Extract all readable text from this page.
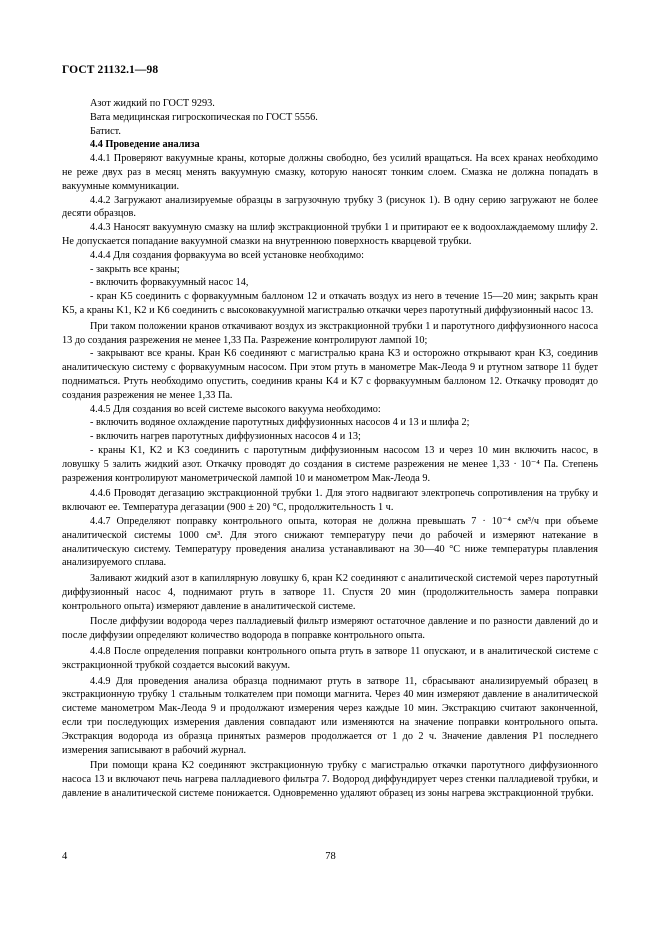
ГОСТ 21132.1—98

Азот жидкий по ГОСТ 9293.

Вата медицинская гигроскопическая по ГОСТ 5556.

Батист.

4.4 Проведение анализа

4.4.1 Проверяют вакуумные краны, которые должны свободно, без усилий вращаться. На всех кранах необходимо не реже двух раз в месяц менять вакуумную смазку, которую наносят тонким слоем. Смазка не должна попадать в вакуумные коммуникации.

4.4.2 Загружают анализируемые образцы в загрузочную трубку 3 (рисунок 1). В одну серию загружают не более десяти образцов.

4.4.3 Наносят вакуумную смазку на шлиф экстракционной трубки 1 и притирают ее к водоохлаждаемому шлифу 2. Не допускается попадание вакуумной смазки на внутреннюю поверхность кварцевой трубки.

4.4.4 Для создания форвакуума во всей установке необходимо:

- закрыть все краны;

- включить форвакуумный насос 14,

- кран K5 соединить с форвакуумным баллоном 12 и откачать воздух из него в течение 15—20 мин; закрыть кран K5, а краны K1, K2 и K6 соединить с высоковакуумной магистралью откачки через паротутный диффузионный насос 13.

При таком положении кранов откачивают воздух из экстракционной трубки 1 и паротутного диффузионного насоса 13 до создания разрежения не менее 1,33 Па. Разрежение контролируют лампой 10;

- закрывают все краны. Кран K6 соединяют с магистралью крана K3 и осторожно открывают кран K3, соединив аналитическую систему с форвакуумным насосом. При этом ртуть в манометре Мак-Леода 9 и ртутном затворе 11 будет подниматься. Ртуть необходимо опустить, соединив краны K4 и K7 с форвакуумным баллоном 12. Откачку проводят до создания разрежения не менее 1,33 Па.

4.4.5 Для создания во всей системе высокого вакуума необходимо:

- включить водяное охлаждение паротутных диффузионных насосов 4 и 13 и шлифа 2;

- включить нагрев паротутных диффузионных насосов 4 и 13;

- краны K1, K2 и K3 соединить с паротутным диффузионным насосом 13 и через 10 мин включить насос, в ловушку 5 залить жидкий азот. Откачку проводят до создания в системе разрежения не менее 1,33 · 10⁻⁴ Па. Степень разрежения контролируют манометрической лампой 10 и манометром Мак-Леода 9.

4.4.6 Проводят дегазацию экстракционной трубки 1. Для этого надвигают электропечь сопротивления на трубку и включают ее. Температура дегазации (900 ± 20) °С, продолжительность 1 ч.

4.4.7 Определяют поправку контрольного опыта, которая не должна превышать 7 · 10⁻⁴ см³/ч при объеме аналитической системы 1000 см³. Для этого снижают температуру печи до рабочей и измеряют натекание в аналитическую систему. Температуру проведения анализа устанавливают на 30—40 °С ниже температуры плавления анализируемого сплава.

Заливают жидкий азот в капиллярную ловушку 6, кран K2 соединяют с аналитической системой через паротутный диффузионный насос 4, поднимают ртуть в затворе 11. Спустя 20 мин (продолжительность замера поправки контрольного опыта) измеряют давление в аналитической системе.

После диффузии водорода через палладиевый фильтр измеряют остаточное давление и по разности давлений до и после диффузии определяют количество водорода в поправке контрольного опыта.

4.4.8 После определения поправки контрольного опыта ртуть в затворе 11 опускают, и в аналитической системе с экстракционной трубкой создается высокий вакуум.

4.4.9 Для проведения анализа образца поднимают ртуть в затворе 11, сбрасывают анализируемый образец в экстракционную трубку 1 стальным толкателем при помощи магнита. Через 40 мин измеряют давление в аналитической системе манометром Мак-Леода 9 и продолжают измерения через каждые 10 мин. Экстракцию считают законченной, если три последующих измерения давления совпадают или изменяются на значение поправки контрольного опыта. Экстракция водорода из образца принятых размеров продолжается от 1 до 2 ч. Значение давления P1 последнего измерения записывают в рабочий журнал.

При помощи крана K2 соединяют экстракционную трубку с магистралью откачки паротутного диффузионного насоса 13 и включают печь нагрева палладиевого фильтра 7. Водород диффундирует через стенки палладиевой трубки, и давление в аналитической системе понижается. Одновременно удаляют образец из зоны нагрева экстракционной трубки.

4	78
